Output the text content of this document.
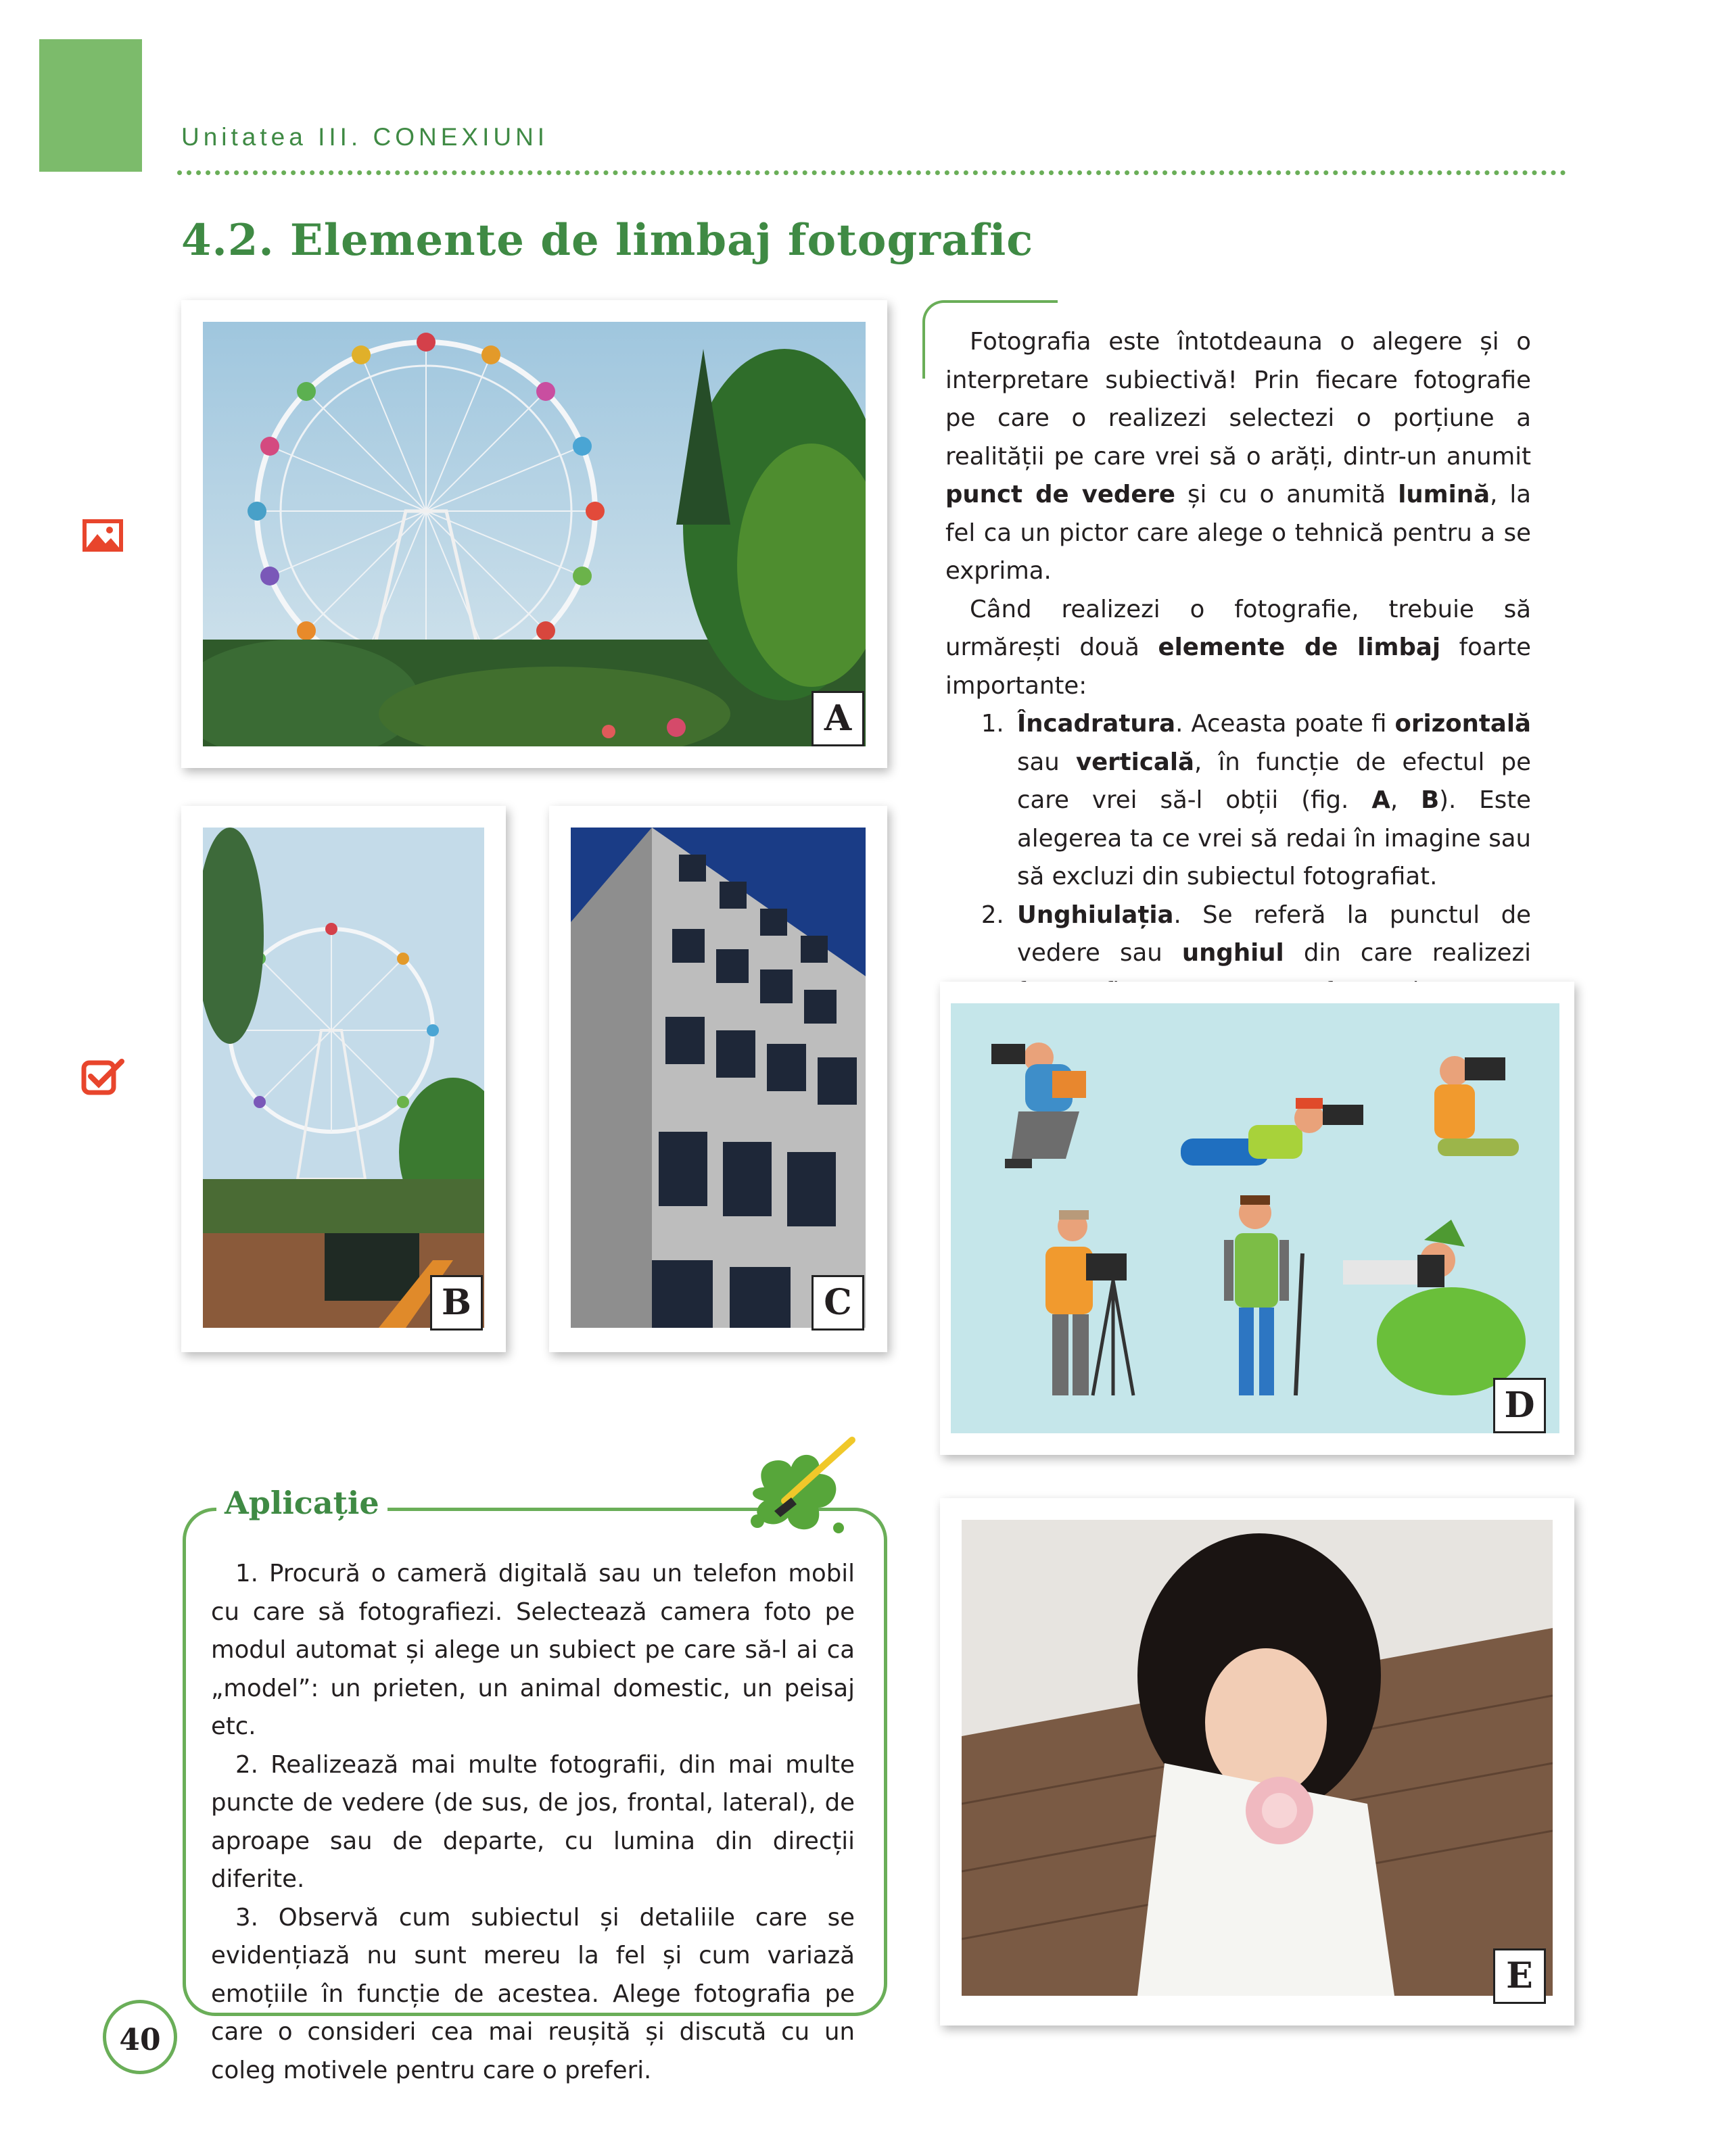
Unitatea III. CONEXIUNI
4.2. Elemente de limbaj fotografic
A
B	C

Fotografia este întotdeauna o alegere și o interpretare subiectivă! Prin fiecare fotografie pe care o realizezi selectezi o porțiune a realității pe care vrei să o arăți, dintr-un anumit punct de vedere și cu o anumită lumină, la fel ca un pictor care alege o tehnică pentru a se exprima.

Când realizezi o fotografie, trebuie să urmărești două elemente de limbaj foarte importante:

1. Încadratura. Aceasta poate fi orizontală sau verticală, în funcție de efectul pe care vrei să-l obții (fig. A, B). Este alegerea ta ce vrei să redai în imagine sau să excluzi din subiectul fotografiat.
2. Unghiulația. Se referă la punctul de vedere sau unghiul din care realizezi
D
E
Aplicație

1. Procură o cameră digitală sau un telefon mobil cu care să fotografiezi. Selectează camera foto pe modul automat și alege un subiect pe care să-l ai ca „model”: un prieten, un animal domestic, un peisaj etc.

2. Realizează mai multe fotografii, din mai multe puncte de vedere (de sus, de jos, frontal, lateral), de aproape sau de departe, cu lumina din direcții diferite.

3. Observă cum subiectul și detaliile care se evidențiază nu sunt mereu la fel și cum variază emoțiile în funcție de acestea. Alege fotografia pe care o consideri cea mai reușită și discută cu un coleg motivele pentru care o preferi.

40
